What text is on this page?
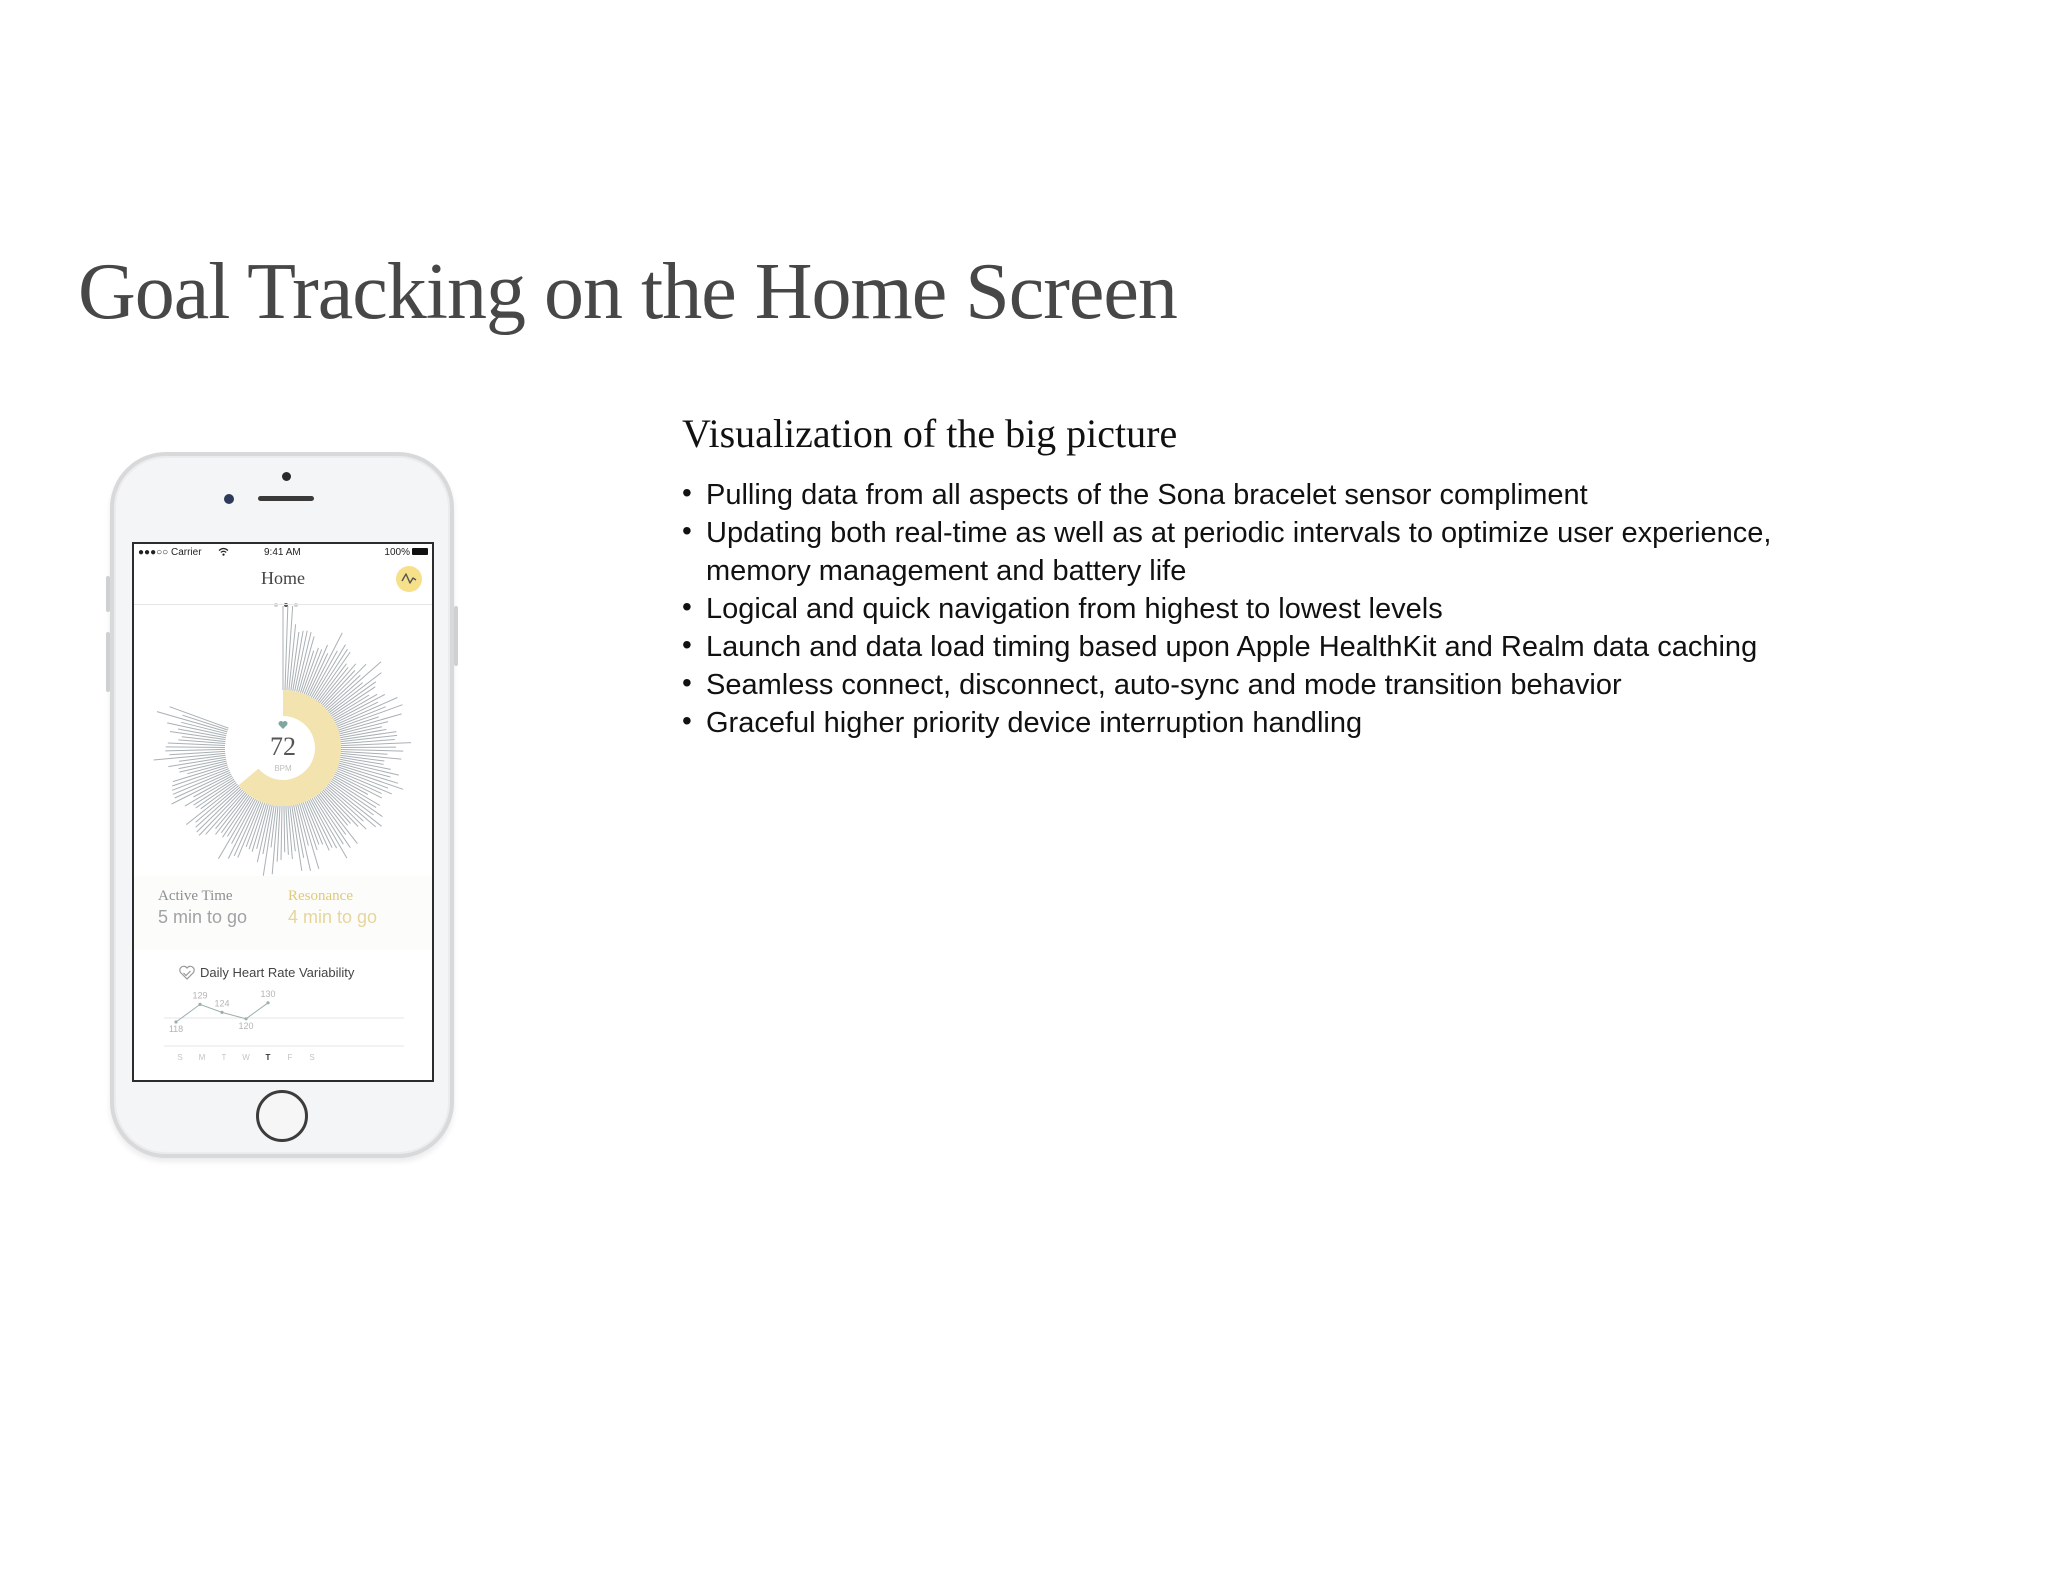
Goal Tracking on the Home Screen
●●●○○ Carrier	9:41 AM	100%
Home
72
BPM
Active Time
5 min to go
Resonance
4 min to go
Daily Heart Rate Variability
118
129
124
120
130
S M T W T F S
Visualization of the big picture
• Pulling data from all aspects of the Sona bracelet sensor compliment
• Updating both real-time as well as at periodic intervals to optimize user experience, memory management and battery life
• Logical and quick navigation from highest to lowest levels
• Launch and data load timing based upon Apple HealthKit and Realm data caching
• Seamless connect, disconnect, auto-sync and mode transition behavior
• Graceful higher priority device interruption handling
